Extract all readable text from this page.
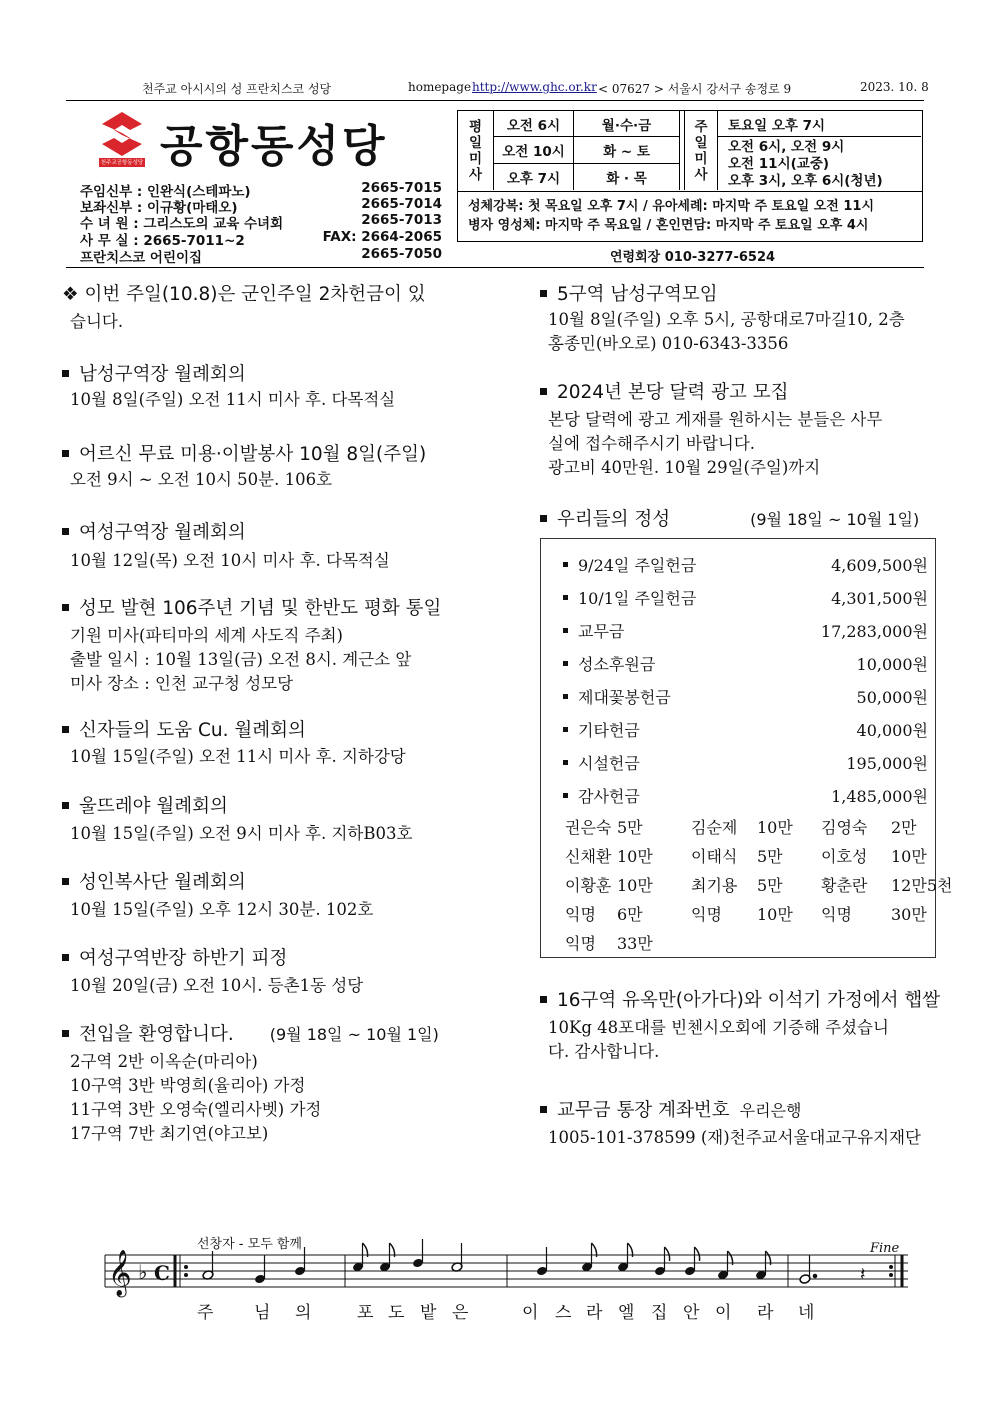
천주교 아시시의 성 프란치스코 성당	homepage http://www.ghc.or.kr < 07627 > 서울시 강서구 송정로 9	2023. 10. 8
천주교공항동성당 공항동성당
주임신부 : 인완식(스테파노)	2665-7015
보좌신부 : 이규황(마태오)	2665-7014
수 녀 원 : 그리스도의 교육 수녀회	2665-7013
사 무 실 : 2665-7011~2	FAX: 2664-2065
프란치스코 어린이집	2665-7050
평
일
미
사
오전 6시	월·수·금
오전 10시	화 ~ 토
오후 7시	화 · 목
주
일
미
사
토요일 오후 7시
오전 6시, 오전 9시
오전 11시(교중)
오후 3시, 오후 6시(청년)
성체강복: 첫 목요일 오후 7시 / 유아세례: 마지막 주 토요일 오전 11시
병자 영성체: 마지막 주 목요일 / 혼인면담: 마지막 주 토요일 오후 4시
연령회장 010-3277-6524
❖ 이번 주일(10.8)은 군인주일 2차헌금이 있
습니다.
남성구역장 월례회의
10월 8일(주일) 오전 11시 미사 후. 다목적실
어르신 무료 미용·이발봉사 10월 8일(주일)
오전 9시 ~ 오전 10시 50분. 106호
여성구역장 월례회의
10월 12일(목) 오전 10시 미사 후. 다목적실
성모 발현 106주년 기념 및 한반도 평화 통일
기원 미사(파티마의 세계 사도직 주최)
출발 일시 : 10월 13일(금) 오전 8시. 계근소 앞
미사 장소 : 인천 교구청 성모당
신자들의 도움 Cu. 월례회의
10월 15일(주일) 오전 11시 미사 후. 지하강당
울뜨레야 월례회의
10월 15일(주일) 오전 9시 미사 후. 지하B03호
성인복사단 월례회의
10월 15일(주일) 오후 12시 30분. 102호
여성구역반장 하반기 피정
10월 20일(금) 오전 10시. 등촌1동 성당
전입을 환영합니다. (9월 18일 ~ 10월 1일)
2구역 2반 이옥순(마리아)
10구역 3반 박영희(율리아) 가정
11구역 3반 오영숙(엘리사벳) 가정
17구역 7반 최기연(야고보)
5구역 남성구역모임
10월 8일(주일) 오후 5시, 공항대로7마길10, 2층
홍종민(바오로) 010-6343-3356
2024년 본당 달력 광고 모집
본당 달력에 광고 게재를 원하시는 분들은 사무
실에 접수해주시기 바랍니다.
광고비 40만원. 10월 29일(주일)까지
우리들의 정성	(9월 18일 ~ 10월 1일)
16구역 유옥만(아가다)와 이석기 가정에서 햅쌀
10Kg 48포대를 빈첸시오회에 기증해 주셨습니
다. 감사합니다.
교무금 통장 계좌번호 우리은행
1005-101-378599 (재)천주교서울대교구유지재단
9/24일 주일헌금	4,609,500원
10/1일 주일헌금	4,301,500원
교무금	17,283,000원
성소후원금	10,000원
제대꽃봉헌금	50,000원
기타헌금	40,000원
시설헌금	195,000원
감사헌금	1,485,000원
권은숙 5만	김순제 10만 김영숙 2만
신채환 10만 이태식 5만 이호성 10만
이황훈 10만 최기용 5만 황춘란 12만5천
익명 6만	익명 10만 익명 30만
익명 33만
선창자 - 모두 함께	Fine
𝄞 ♭ C	𝄽
주 님 의	포 도 밭 은	이 스 라 엘 집 안 이 라 네
